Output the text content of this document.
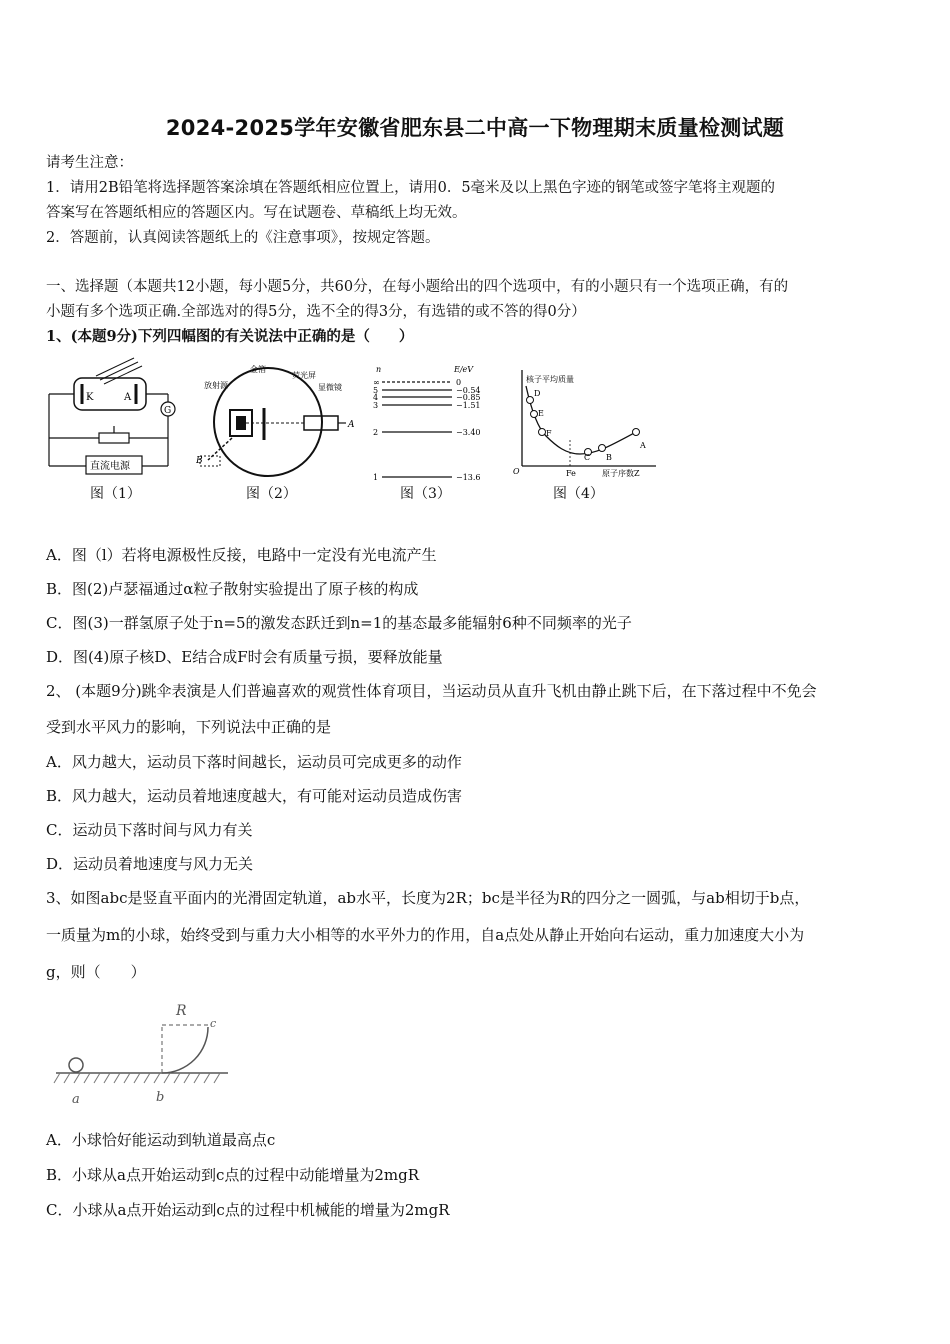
2024-2025学年安徽省肥东县二中高一下物理期末质量检测试题
请考生注意：
1．请用2B铅笔将选择题答案涂填在答题纸相应位置上，请用0．5毫米及以上黑色字迹的钢笔或签字笔将主观题的
答案写在答题纸相应的答题区内。写在试题卷、草稿纸上均无效。
2．答题前，认真阅读答题纸上的《注意事项》，按规定答题。
一、选择题（本题共12小题，每小题5分，共60分，在每小题给出的四个选项中，有的小题只有一个选项正确，有的
小题有多个选项正确.全部选对的得5分，选不全的得3分，有选错的或不答的得0分）
1、(本题9分)下列四幅图的有关说法中正确的是（　　）
K	A
G
直流电源
图（1）
放射源
金箔
荧光屏
显微镜
A
B
图（2）
n	E/eV
∞	0
5	−0.54
4	−0.85
3	−1.51
2	−3.40
1	−13.6
图（3）
核子平均质量
原子序数Z
O	Fe
D
E
F
C B
A
图（4）
A．图（l）若将电源极性反接，电路中一定没有光电流产生
B．图(2)卢瑟福通过α粒子散射实验提出了原子核的构成
C．图(3)一群氢原子处于n=5的激发态跃迁到n=1的基态最多能辐射6种不同频率的光子
D．图(4)原子核D、E结合成F时会有质量亏损，要释放能量
2、 (本题9分)跳伞表演是人们普遍喜欢的观赏性体育项目，当运动员从直升飞机由静止跳下后，在下落过程中不免会
受到水平风力的影响，下列说法中正确的是
A．风力越大，运动员下落时间越长，运动员可完成更多的动作
B．风力越大，运动员着地速度越大，有可能对运动员造成伤害
C．运动员下落时间与风力有关
D．运动员着地速度与风力无关
3、如图abc是竖直平面内的光滑固定轨道，ab水平，长度为2R；bc是半径为R的四分之一圆弧，与ab相切于b点，
一质量为m的小球，始终受到与重力大小相等的水平外力的作用，自a点处从静止开始向右运动，重力加速度大小为
g，则（　　）
R
c
a	b
A．小球恰好能运动到轨道最高点c
B．小球从a点开始运动到c点的过程中动能增量为2mgR
C．小球从a点开始运动到c点的过程中机械能的增量为2mgR
